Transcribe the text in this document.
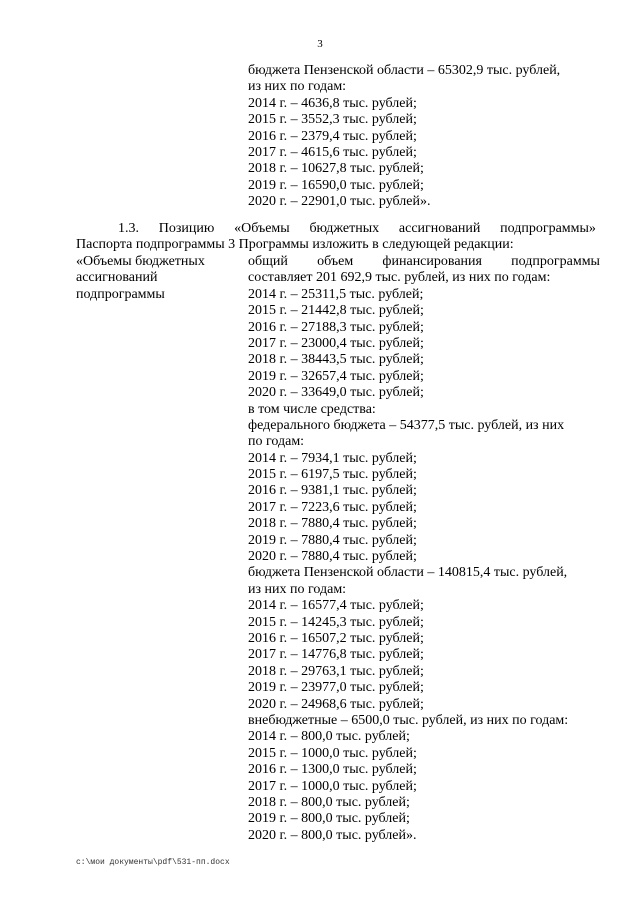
3
бюджета Пензенской области – 65302,9 тыс. рублей,
из них по годам:
2014 г. – 4636,8 тыс. рублей;
2015 г. – 3552,3 тыс. рублей;
2016 г. – 2379,4 тыс. рублей;
2017 г. – 4615,6 тыс. рублей;
2018 г. – 10627,8 тыс. рублей;
2019 г. – 16590,0 тыс. рублей;
2020 г. – 22901,0 тыс. рублей».
1.3. Позицию «Объемы бюджетных ассигнований подпрограммы»
Паспорта подпрограммы 3 Программы изложить в следующей редакции:
«Объемы бюджетных
ассигнований
подпрограммы
общий объем финансирования подпрограммы
составляет 201 692,9 тыс. рублей, из них по годам:
2014 г. – 25311,5 тыс. рублей;
2015 г. – 21442,8 тыс. рублей;
2016 г. – 27188,3 тыс. рублей;
2017 г. – 23000,4 тыс. рублей;
2018 г. – 38443,5 тыс. рублей;
2019 г. – 32657,4 тыс. рублей;
2020 г. – 33649,0 тыс. рублей;
в том числе средства:
федерального бюджета – 54377,5 тыс. рублей, из них
по годам:
2014 г. – 7934,1 тыс. рублей;
2015 г. – 6197,5 тыс. рублей;
2016 г. – 9381,1 тыс. рублей;
2017 г. – 7223,6 тыс. рублей;
2018 г. – 7880,4 тыс. рублей;
2019 г. – 7880,4 тыс. рублей;
2020 г. – 7880,4 тыс. рублей;
бюджета Пензенской области – 140815,4 тыс. рублей,
из них по годам:
2014 г. – 16577,4 тыс. рублей;
2015 г. – 14245,3 тыс. рублей;
2016 г. – 16507,2 тыс. рублей;
2017 г. – 14776,8 тыс. рублей;
2018 г. – 29763,1 тыс. рублей;
2019 г. – 23977,0 тыс. рублей;
2020 г. – 24968,6 тыс. рублей;
внебюджетные – 6500,0 тыс. рублей, из них по годам:
2014 г. – 800,0 тыс. рублей;
2015 г. – 1000,0 тыс. рублей;
2016 г. – 1300,0 тыс. рублей;
2017 г. – 1000,0 тыс. рублей;
2018 г. – 800,0 тыс. рублей;
2019 г. – 800,0 тыс. рублей;
2020 г. – 800,0 тыс. рублей».
c:\мои документы\pdf\531-пп.docx
